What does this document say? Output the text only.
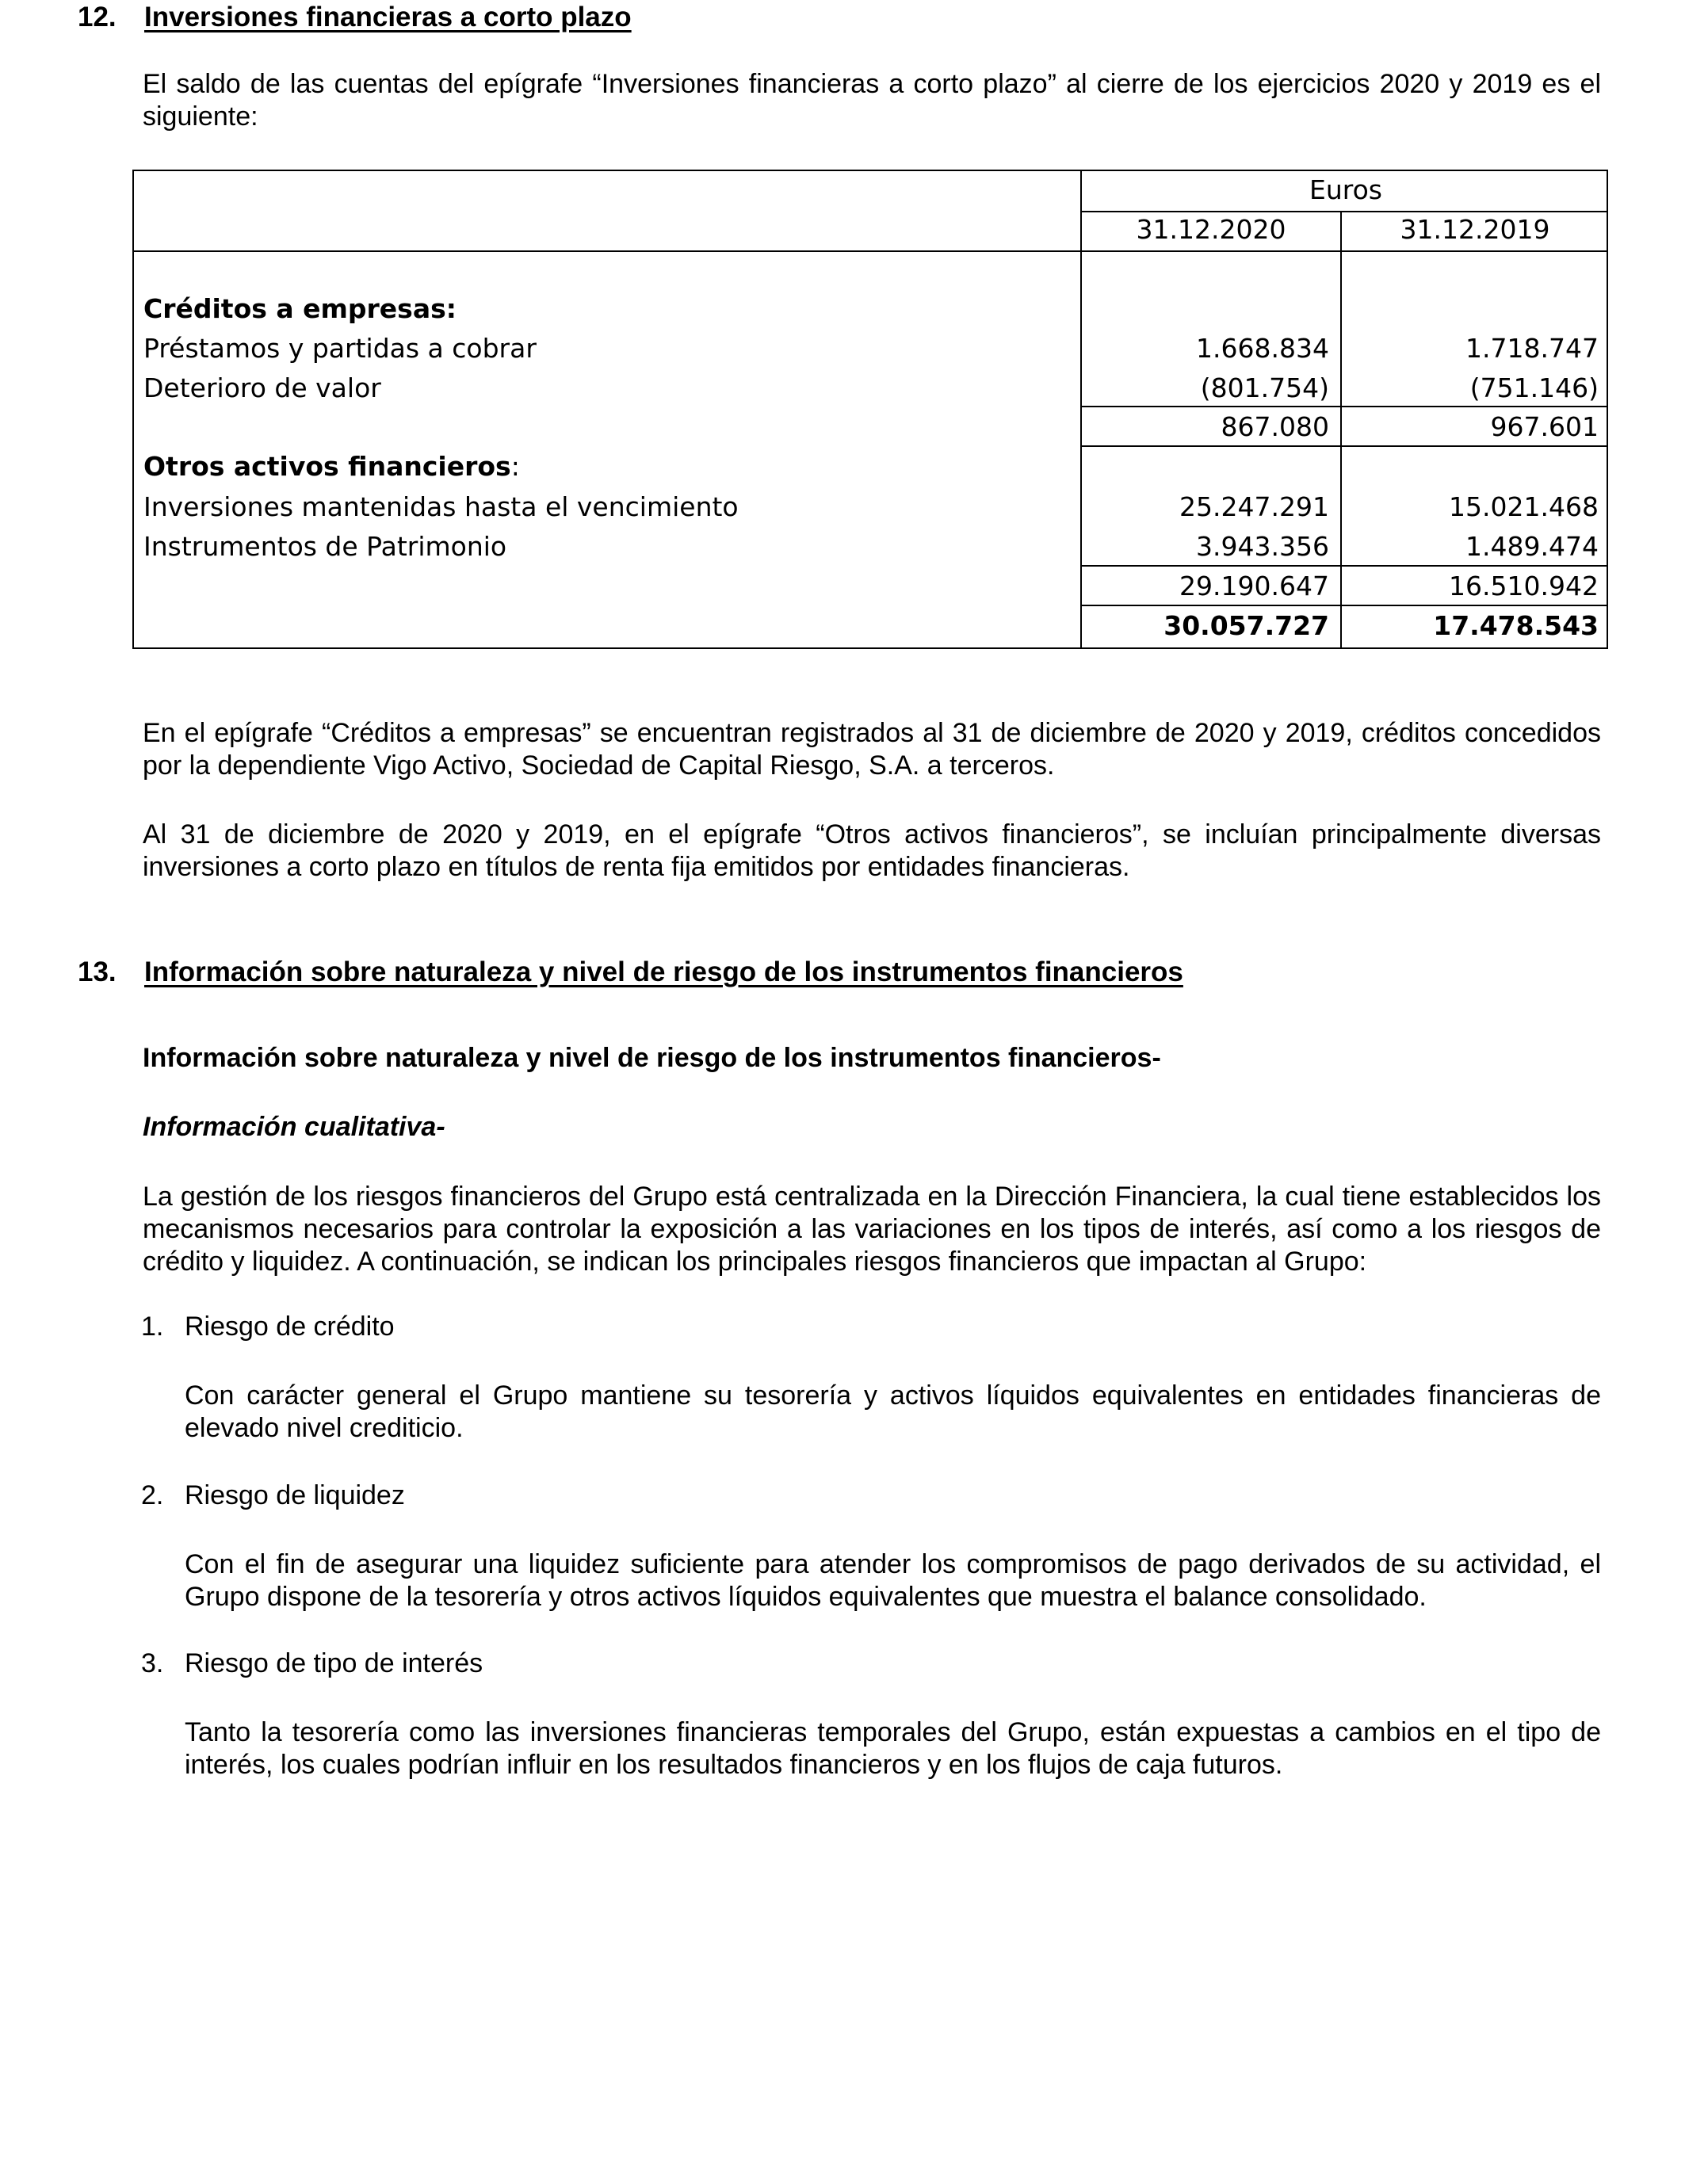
12. Inversiones financieras a corto plazo
El saldo de las cuentas del epígrafe “Inversiones financieras a corto plazo” al cierre de los ejercicios 2020 y 2019 es el siguiente:
Euros
31.12.2020	31.12.2019
Créditos a empresas:
Préstamos y partidas a cobrar	1.668.834	1.718.747
Deterioro de valor	(801.754)	(751.146)
867.080	967.601
Otros activos financieros:
Inversiones mantenidas hasta el vencimiento	25.247.291	15.021.468
Instrumentos de Patrimonio	3.943.356	1.489.474
29.190.647	16.510.942
30.057.727	17.478.543
En el epígrafe “Créditos a empresas” se encuentran registrados al 31 de diciembre de 2020 y 2019, créditos concedidos por la dependiente Vigo Activo, Sociedad de Capital Riesgo, S.A. a terceros.
Al 31 de diciembre de 2020 y 2019, en el epígrafe “Otros activos financieros”, se incluían principalmente diversas inversiones a corto plazo en títulos de renta fija emitidos por entidades financieras.
13. Información sobre naturaleza y nivel de riesgo de los instrumentos financieros
Información sobre naturaleza y nivel de riesgo de los instrumentos financieros-
Información cualitativa-
La gestión de los riesgos financieros del Grupo está centralizada en la Dirección Financiera, la cual tiene establecidos los mecanismos necesarios para controlar la exposición a las variaciones en los tipos de interés, así como a los riesgos de crédito y liquidez. A continuación, se indican los principales riesgos financieros que impactan al Grupo:
1. Riesgo de crédito
Con carácter general el Grupo mantiene su tesorería y activos líquidos equivalentes en entidades financieras de elevado nivel crediticio.
2. Riesgo de liquidez
Con el fin de asegurar una liquidez suficiente para atender los compromisos de pago derivados de su actividad, el Grupo dispone de la tesorería y otros activos líquidos equivalentes que muestra el balance consolidado.
3. Riesgo de tipo de interés
Tanto la tesorería como las inversiones financieras temporales del Grupo, están expuestas a cambios en el tipo de interés, los cuales podrían influir en los resultados financieros y en los flujos de caja futuros.
